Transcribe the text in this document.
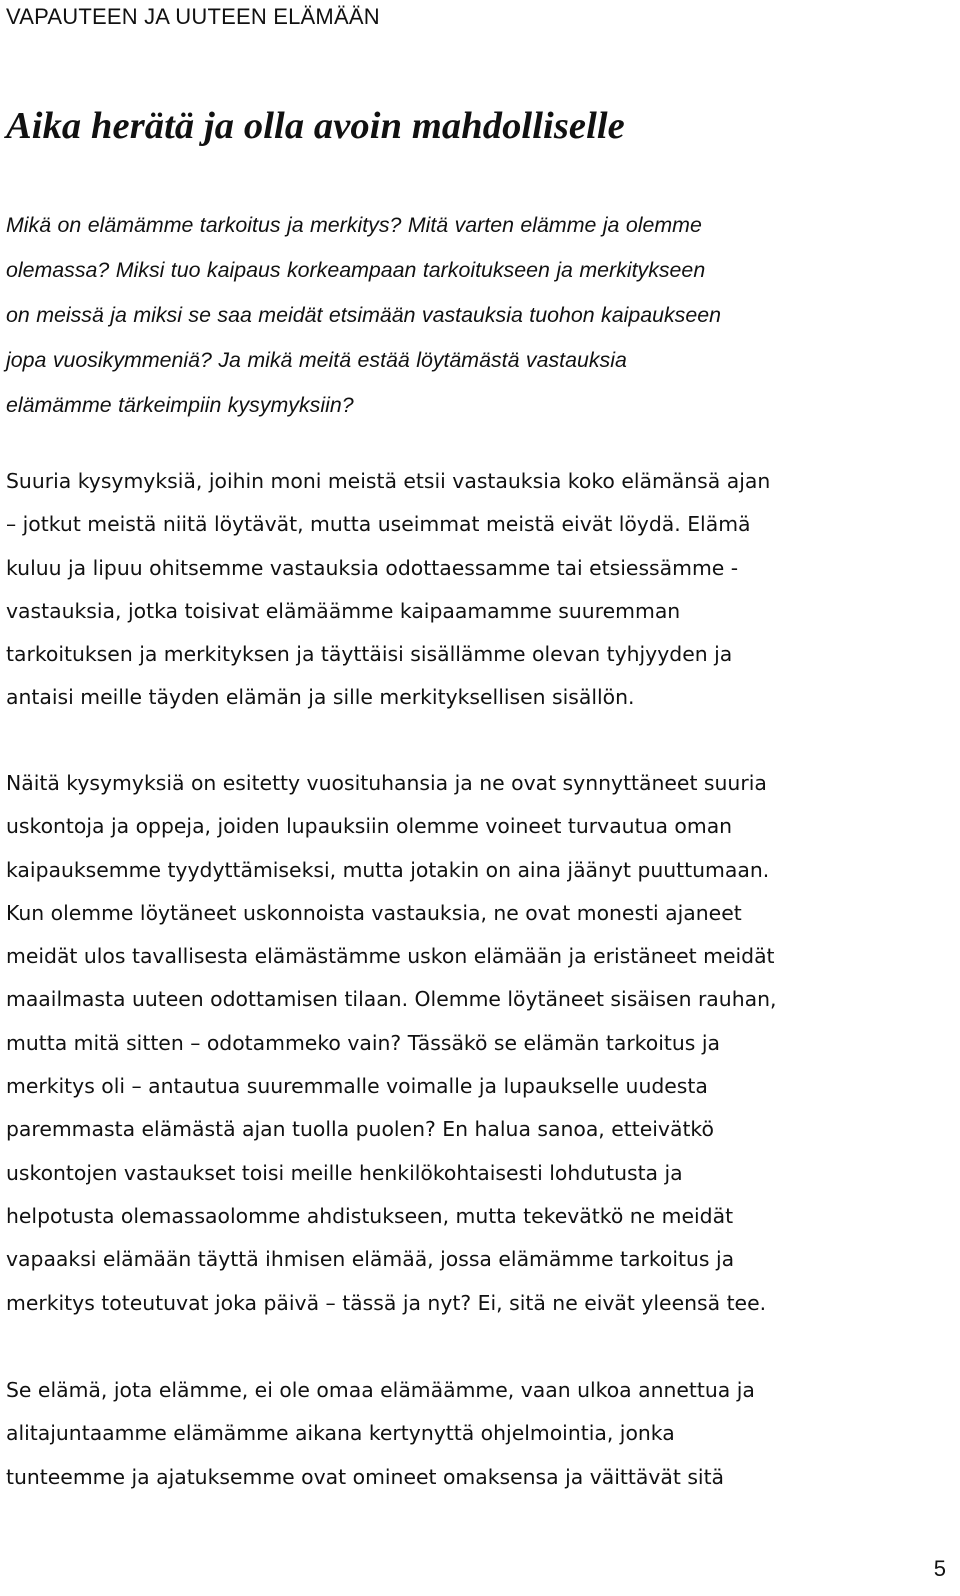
VAPAUTEEN JA UUTEEN ELÄMÄÄN
Aika herätä ja olla avoin mahdolliselle

Mikä on elämämme tarkoitus ja merkitys? Mitä varten elämme ja olemme
olemassa? Miksi tuo kaipaus korkeampaan tarkoitukseen ja merkitykseen
on meissä ja miksi se saa meidät etsimään vastauksia tuohon kaipaukseen
jopa vuosikymmeniä? Ja mikä meitä estää löytämästä vastauksia
elämämme tärkeimpiin kysymyksiin?

Suuria kysymyksiä, joihin moni meistä etsii vastauksia koko elämänsä ajan
– jotkut meistä niitä löytävät, mutta useimmat meistä eivät löydä. Elämä
kuluu ja lipuu ohitsemme vastauksia odottaessamme tai etsiessämme -
vastauksia, jotka toisivat elämäämme kaipaamamme suuremman
tarkoituksen ja merkityksen ja täyttäisi sisällämme olevan tyhjyyden ja
antaisi meille täyden elämän ja sille merkityksellisen sisällön.

Näitä kysymyksiä on esitetty vuosituhansia ja ne ovat synnyttäneet suuria
uskontoja ja oppeja, joiden lupauksiin olemme voineet turvautua oman
kaipauksemme tyydyttämiseksi, mutta jotakin on aina jäänyt puuttumaan.
Kun olemme löytäneet uskonnoista vastauksia, ne ovat monesti ajaneet
meidät ulos tavallisesta elämästämme uskon elämään ja eristäneet meidät
maailmasta uuteen odottamisen tilaan. Olemme löytäneet sisäisen rauhan,
mutta mitä sitten – odotammeko vain? Tässäkö se elämän tarkoitus ja
merkitys oli – antautua suuremmalle voimalle ja lupaukselle uudesta
paremmasta elämästä ajan tuolla puolen? En halua sanoa, etteivätkö
uskontojen vastaukset toisi meille henkilökohtaisesti lohdutusta ja
helpotusta olemassaolomme ahdistukseen, mutta tekevätkö ne meidät
vapaaksi elämään täyttä ihmisen elämää, jossa elämämme tarkoitus ja
merkitys toteutuvat joka päivä – tässä ja nyt? Ei, sitä ne eivät yleensä tee.

Se elämä, jota elämme, ei ole omaa elämäämme, vaan ulkoa annettua ja
alitajuntaamme elämämme aikana kertynyttä ohjelmointia, jonka
tunteemme ja ajatuksemme ovat omineet omaksensa ja väittävät sitä

5
